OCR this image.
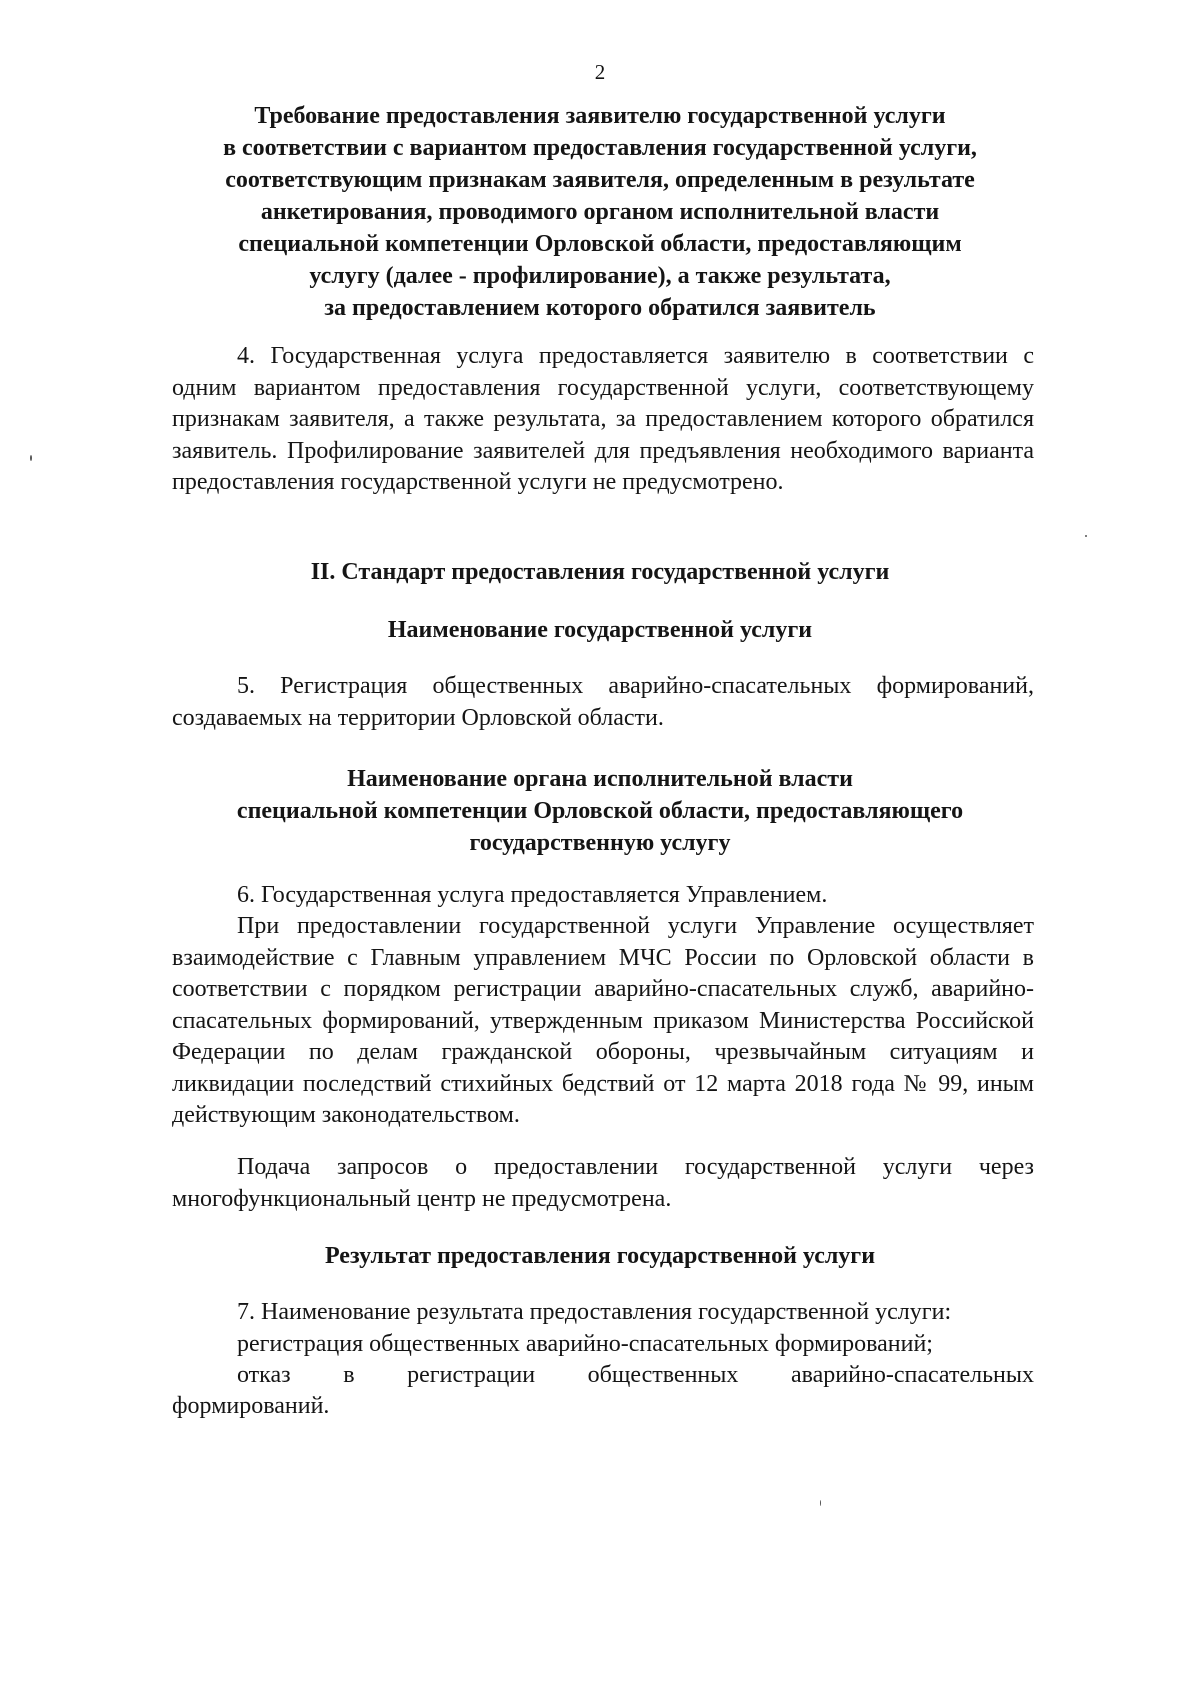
2
Требование предоставления заявителю государственной услуги
в соответствии с вариантом предоставления государственной услуги,
соответствующим признакам заявителя, определенным в результате
анкетирования, проводимого органом исполнительной власти
специальной компетенции Орловской области, предоставляющим
услугу (далее - профилирование), а также результата,
за предоставлением которого обратился заявитель
4. Государственная услуга предоставляется заявителю в соответствии с одним вариантом предоставления государственной услуги, соответствующему признакам заявителя, а также результата, за предоставлением которого обратился заявитель. Профилирование заявителей для предъявления необходимого варианта предоставления государственной услуги не предусмотрено.
II. Стандарт предоставления государственной услуги
Наименование государственной услуги
5. Регистрация общественных аварийно-спасательных формирований, создаваемых на территории Орловской области.
Наименование органа исполнительной власти
специальной компетенции Орловской области, предоставляющего
государственную услугу
6. Государственная услуга предоставляется Управлением.
При предоставлении государственной услуги Управление осуществляет взаимодействие с Главным управлением МЧС России по Орловской области в соответствии с порядком регистрации аварийно-спасательных служб, аварийно-спасательных формирований, утвержденным приказом Министерства Российской Федерации по делам гражданской обороны, чрезвычайным ситуациям и ликвидации последствий стихийных бедствий от 12 марта 2018 года № 99, иным действующим законодательством.
Подача запросов о предоставлении государственной услуги через многофункциональный центр не предусмотрена.
Результат предоставления государственной услуги
7. Наименование результата предоставления государственной услуги:
регистрация общественных аварийно-спасательных формирований;
отказ в регистрации общественных аварийно-спасательных
формирований.
